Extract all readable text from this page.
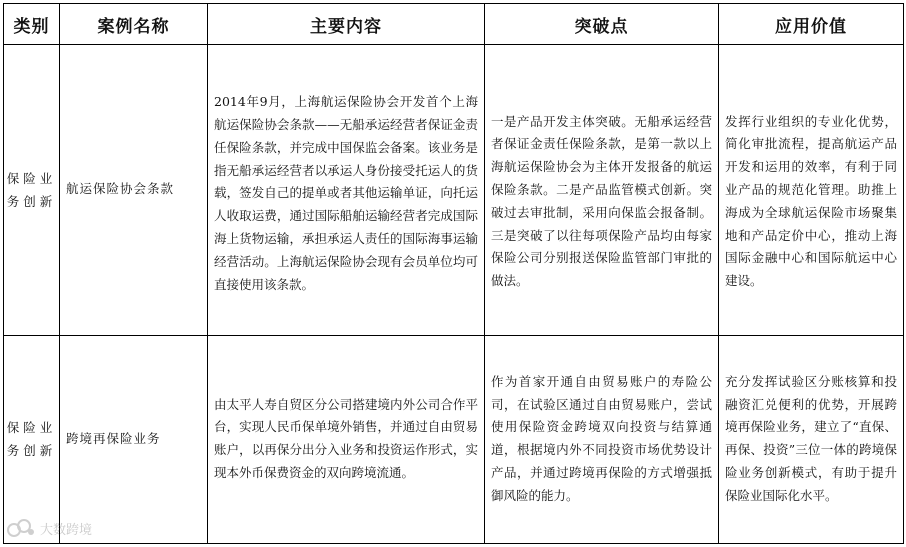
类别	案例名称	主要内容	突破点	应用价值

保险业务创新	航运保险协会条款	2014年9月，上海航运保险协会开发首个上海航运保险协会条款——无船承运经营者保证金责任保险条款，并完成中国保监会备案。该业务是指无船承运经营者以承运人身份接受托运人的货载，签发自己的提单或者其他运输单证，向托运人收取运费，通过国际船舶运输经营者完成国际海上货物运输，承担承运人责任的国际海事运输经营活动。上海航运保险协会现有会员单位均可直接使用该条款。	一是产品开发主体突破。无船承运经营者保证金责任保险条款，是第一款以上海航运保险协会为主体开发报备的航运保险条款。二是产品监管模式创新。突破过去审批制，采用向保监会报备制。三是突破了以往每项保险产品均由每家保险公司分别报送保险监管部门审批的做法。	发挥行业组织的专业化优势，简化审批流程，提高航运产品开发和运用的效率，有利于同业产品的规范化管理。助推上海成为全球航运保险市场聚集地和产品定价中心，推动上海国际金融中心和国际航运中心建设。

保险业务创新	跨境再保险业务	由太平人寿自贸区分公司搭建境内外公司合作平台，实现人民币保单境外销售，并通过自由贸易账户，以再保分出分入业务和投资运作形式，实现本外币保费资金的双向跨境流通。	作为首家开通自由贸易账户的寿险公司，在试验区通过自由贸易账户，尝试使用保险资金跨境双向投资与结算通道，根据境内外不同投资市场优势设计产品，并通过跨境再保险的方式增强抵御风险的能力。	充分发挥试验区分账核算和投融资汇兑便利的优势，开展跨境再保险业务，建立了“直保、再保、投资”三位一体的跨境保险业务创新模式，有助于提升保险业国际化水平。
大数跨境
